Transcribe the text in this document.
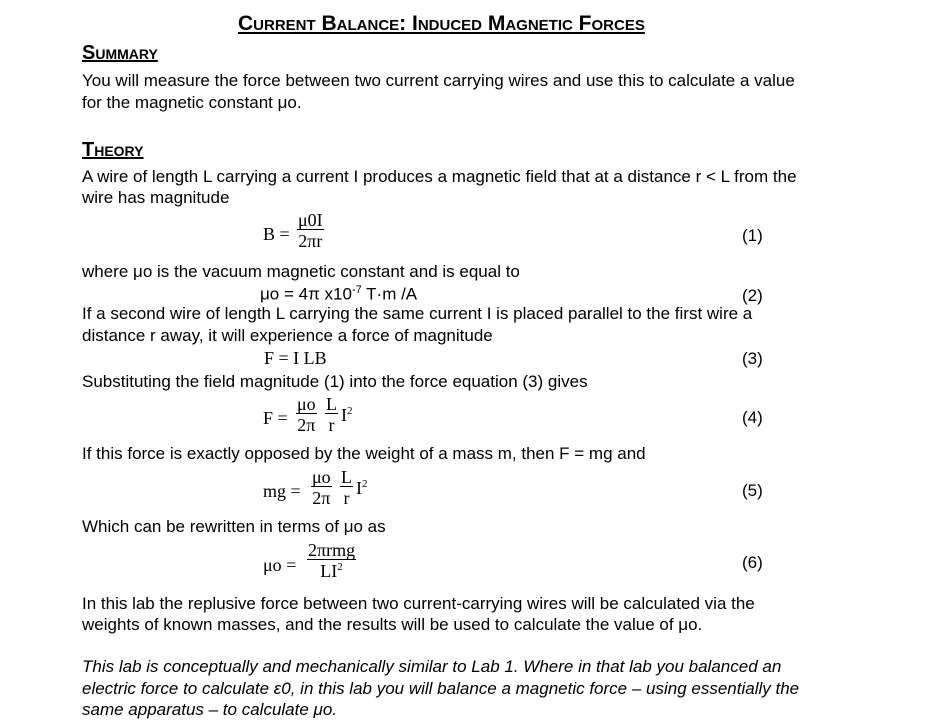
Current Balance: Induced Magnetic Forces
Summary
You will measure the force between two current carrying wires and use this to calculate a value
for the magnetic constant μo.
Theory
A wire of length L carrying a current I produces a magnetic field that at a distance r < L from the
wire has magnitude
$B = \frac{\mu 0I}{2\pi r}$	(1)
where μo is the vacuum magnetic constant and is equal to
μo = 4π $x10^{-7}$ T·m /A	(2)
If a second wire of length L carrying the same current I is placed parallel to the first wire a
distance r away, it will experience a force of magnitude
F = I LB	(3)
Substituting the field magnitude (1) into the force equation (3) gives
$F = \frac{\mu o}{2\pi} \frac{L}{r} I^2$	(4)
If this force is exactly opposed by the weight of a mass m, then F = mg and
mg = $\frac{\mu o}{2\pi} \frac{L}{r} I^2$	(5)
Which can be rewritten in terms of μo as
μo =
2πrmg
$LI^2$	(6)
In this lab the replusive force between two current-carrying wires will be calculated via the
weights of known masses, and the results will be used to calculate the value of μo.
This lab is conceptually and mechanically similar to Lab 1. Where in that lab you balanced an
electric force to calculate ε0, in this lab you will balance a magnetic force – using essentially the
same apparatus – to calculate μo.
